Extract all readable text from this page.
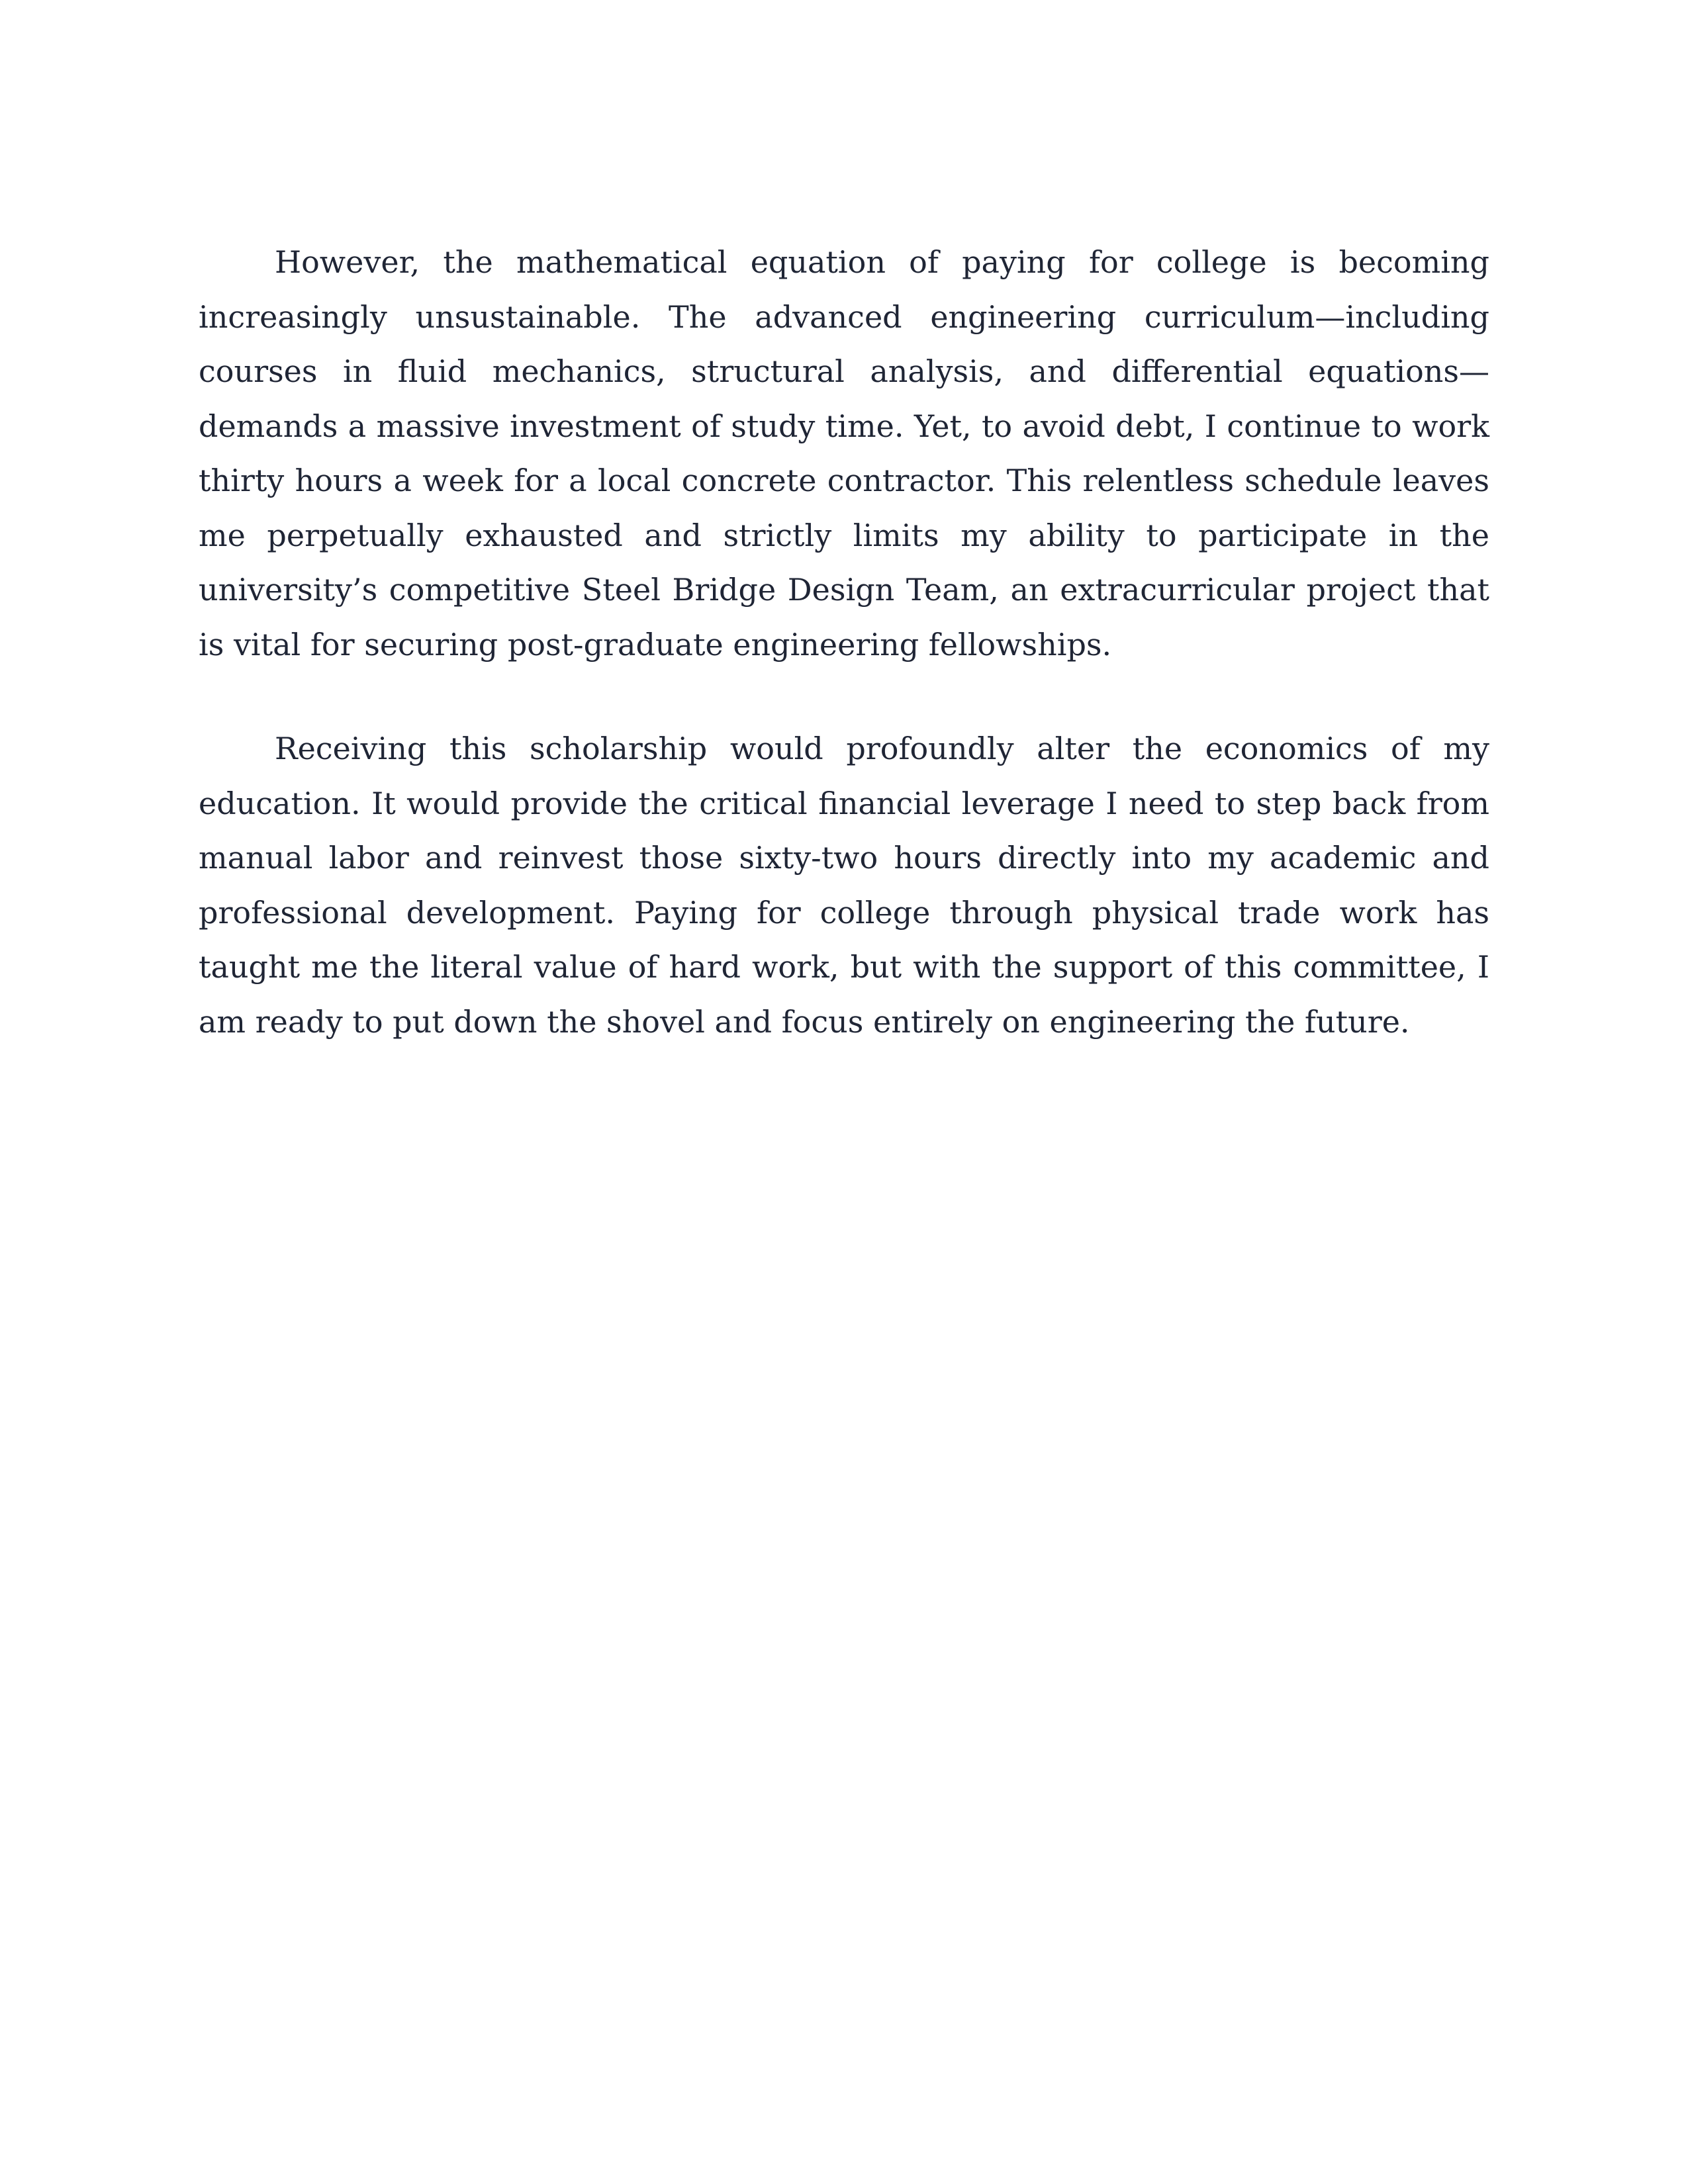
However, the mathematical equation of paying for college is becoming increasingly unsustainable. The advanced engineering curriculum—including courses in fluid mechanics, structural analysis, and differential equations—demands a massive investment of study time. Yet, to avoid debt, I continue to work thirty hours a week for a local concrete contractor. This relentless schedule leaves me perpetually exhausted and strictly limits my ability to participate in the university’s competitive Steel Bridge Design Team, an extracurricular project that is vital for securing post-graduate engineering fellowships.

Receiving this scholarship would profoundly alter the economics of my education. It would provide the critical financial leverage I need to step back from manual labor and reinvest those sixty-two hours directly into my academic and professional development. Paying for college through physical trade work has taught me the literal value of hard work, but with the support of this committee, I am ready to put down the shovel and focus entirely on engineering the future.
